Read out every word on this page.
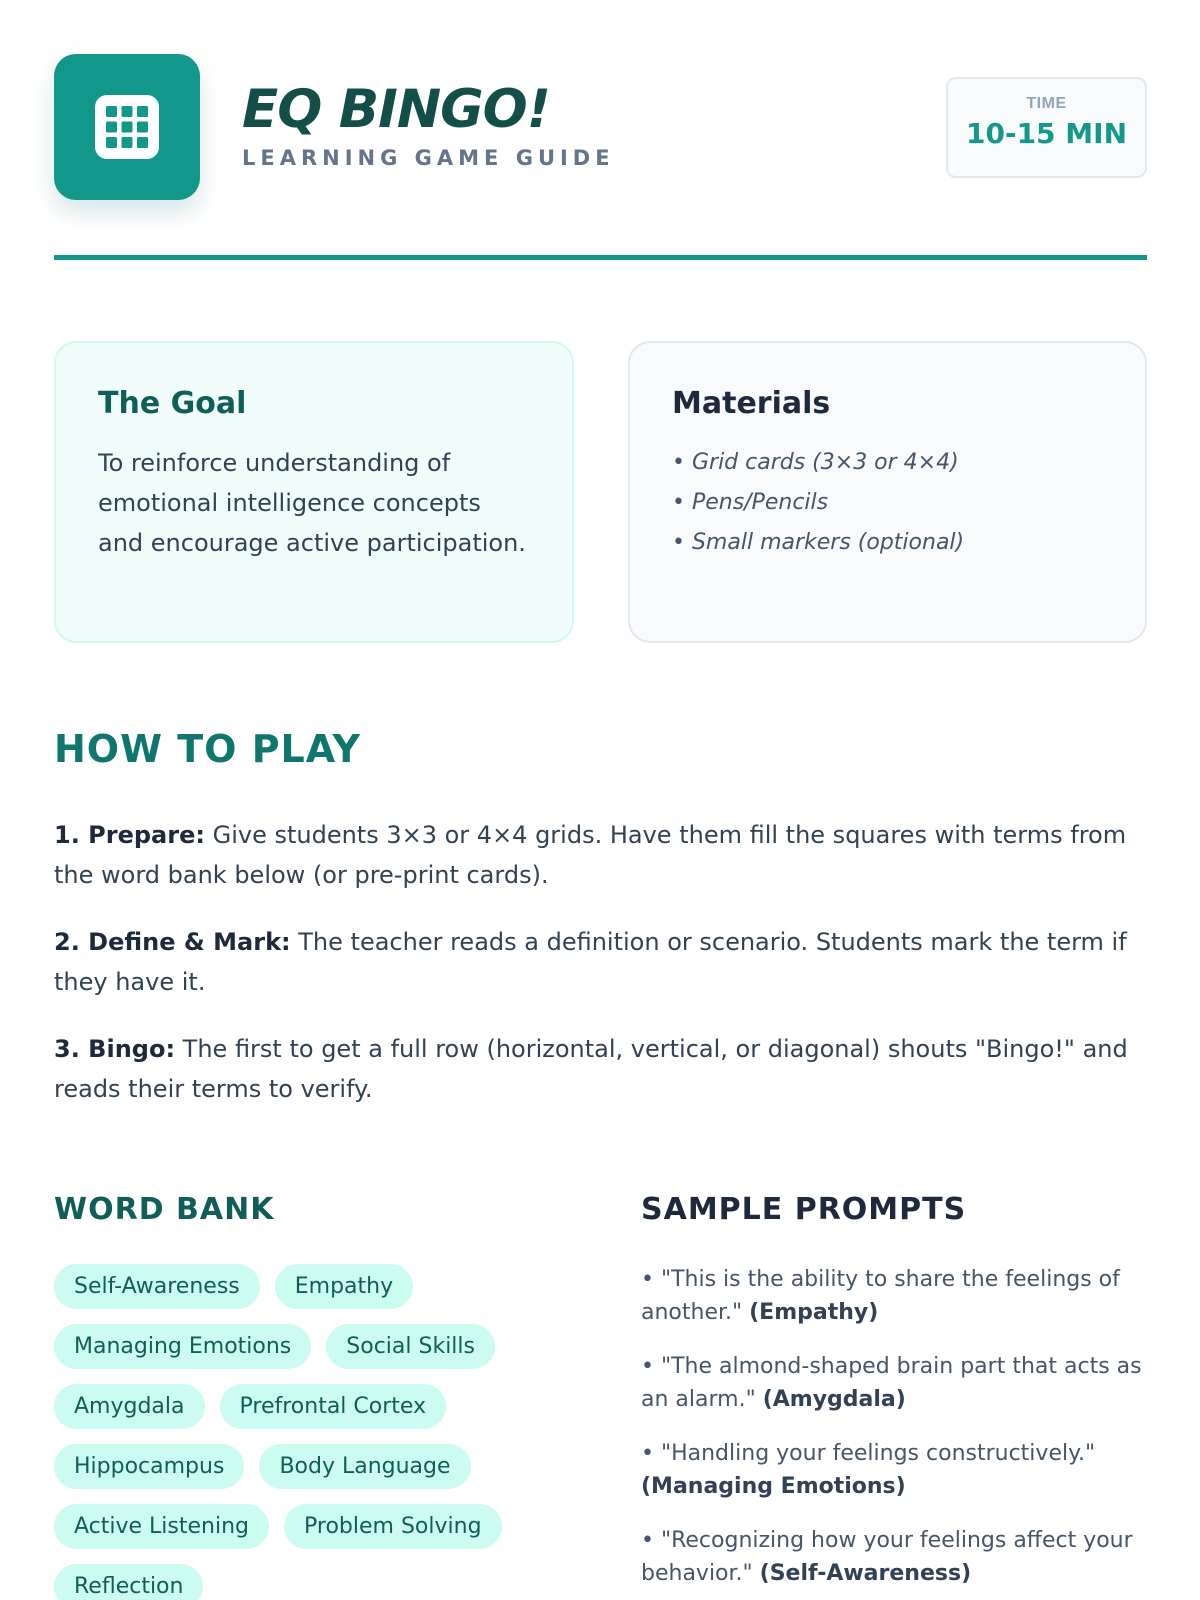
EQ BINGO!
LEARNING GAME GUIDE
TIME
10-15 MIN
The Goal

To reinforce understanding of emotional intelligence concepts and encourage active participation.

Materials
• Grid cards (3×3 or 4×4)
• Pens/Pencils
• Small markers (optional)
HOW TO PLAY

1. Prepare: Give students 3×3 or 4×4 grids. Have them fill the squares with terms from the word bank below (or pre-print cards).

2. Define & Mark: The teacher reads a definition or scenario. Students mark the term if they have it.

3. Bingo: The first to get a full row (horizontal, vertical, or diagonal) shouts "Bingo!" and reads their terms to verify.

WORD BANK
Self-Awareness	Empathy
Managing Emotions	Social Skills
Amygdala	Prefrontal Cortex
Hippocampus	Body Language
Active Listening	Problem Solving
Reflection
SAMPLE PROMPTS
• "This is the ability to share the feelings of another." (Empathy)
• "The almond-shaped brain part that acts as an alarm." (Amygdala)
• "Handling your feelings constructively." (Managing Emotions)
• "Recognizing how your feelings affect your behavior." (Self-Awareness)
